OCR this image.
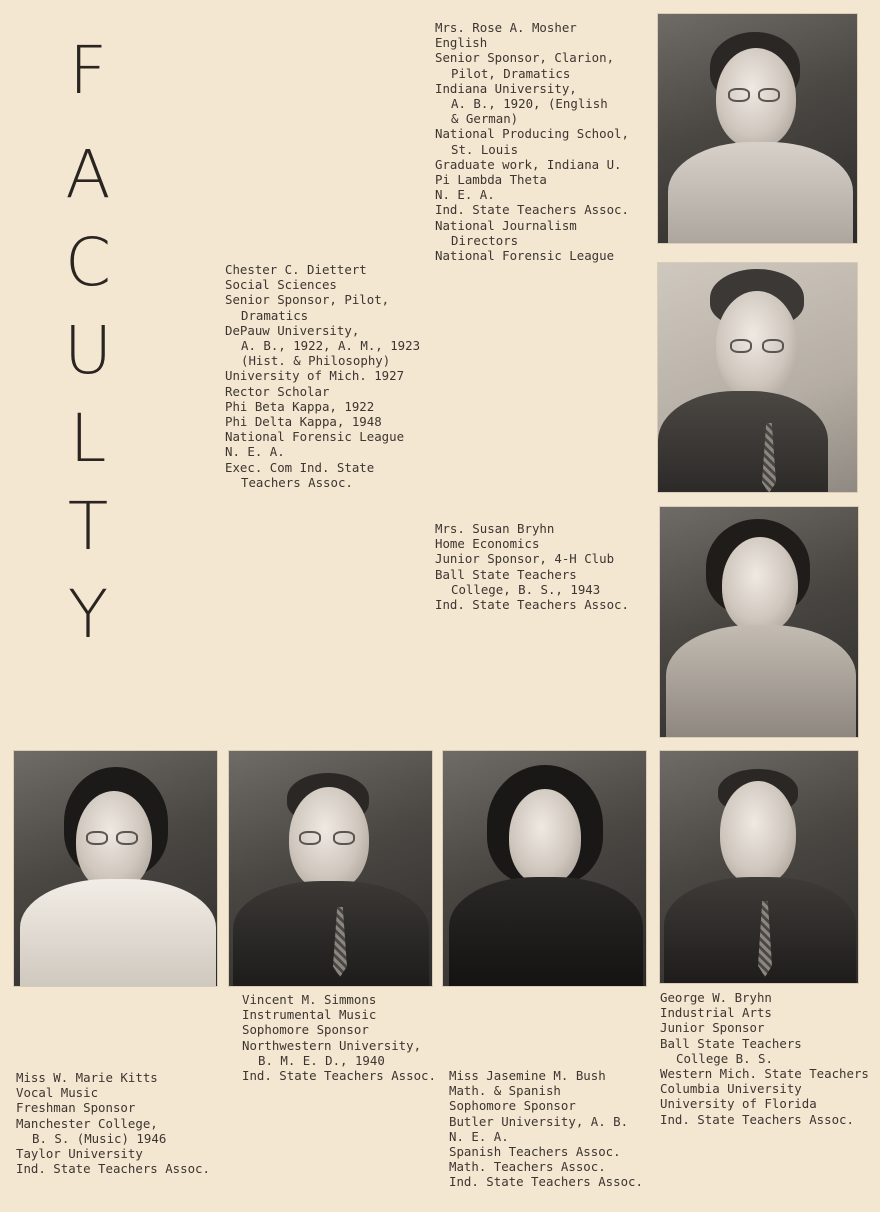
F
A
C
U
L
T
Y
Mrs. Rose A. Mosher
English
Senior Sponsor, Clarion,
Pilot, Dramatics
Indiana University,
A. B., 1920, (English
& German)
National Producing School,
St. Louis
Graduate work, Indiana U.
Pi Lambda Theta
N. E. A.
Ind. State Teachers Assoc.
National Journalism
Directors
National Forensic League
Chester C. Diettert
Social Sciences
Senior Sponsor, Pilot,
Dramatics
DePauw University,
A. B., 1922, A. M., 1923
(Hist. & Philosophy)
University of Mich. 1927
Rector Scholar
Phi Beta Kappa, 1922
Phi Delta Kappa, 1948
National Forensic League
N. E. A.
Exec. Com Ind. State
Teachers Assoc.
Mrs. Susan Bryhn
Home Economics
Junior Sponsor, 4-H Club
Ball State Teachers
College, B. S., 1943
Ind. State Teachers Assoc.
Vincent M. Simmons
Instrumental Music
Sophomore Sponsor
Northwestern University,
B. M. E. D., 1940
Ind. State Teachers Assoc.
George W. Bryhn
Industrial Arts
Junior Sponsor
Ball State Teachers
College B. S.
Western Mich. State Teachers
Columbia University
University of Florida
Ind. State Teachers Assoc.
Miss W. Marie Kitts
Vocal Music
Freshman Sponsor
Manchester College,
B. S. (Music) 1946
Taylor University
Ind. State Teachers Assoc.
Miss Jasemine M. Bush
Math. & Spanish
Sophomore Sponsor
Butler University, A. B.
N. E. A.
Spanish Teachers Assoc.
Math. Teachers Assoc.
Ind. State Teachers Assoc.
